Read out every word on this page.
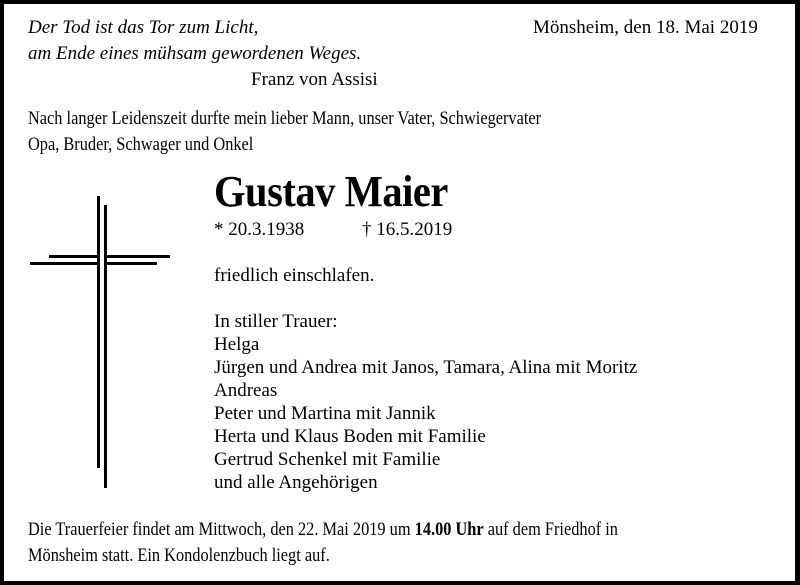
Der Tod ist das Tor zum Licht,
am Ende eines mühsam gewordenen Weges.
Franz von Assisi
Mönsheim, den 18. Mai 2019
Nach langer Leidenszeit durfte mein lieber Mann, unser Vater, Schwiegervater
Opa, Bruder, Schwager und Onkel
Gustav Maier
* 20.3.1938	† 16.5.2019
friedlich einschlafen.
In stiller Trauer:
Helga
Jürgen und Andrea mit Janos, Tamara, Alina mit Moritz
Andreas
Peter und Martina mit Jannik
Herta und Klaus Boden mit Familie
Gertrud Schenkel mit Familie
und alle Angehörigen
Die Trauerfeier findet am Mittwoch, den 22. Mai 2019 um 14.00 Uhr auf dem Friedhof in
Mönsheim statt. Ein Kondolenzbuch liegt auf.
